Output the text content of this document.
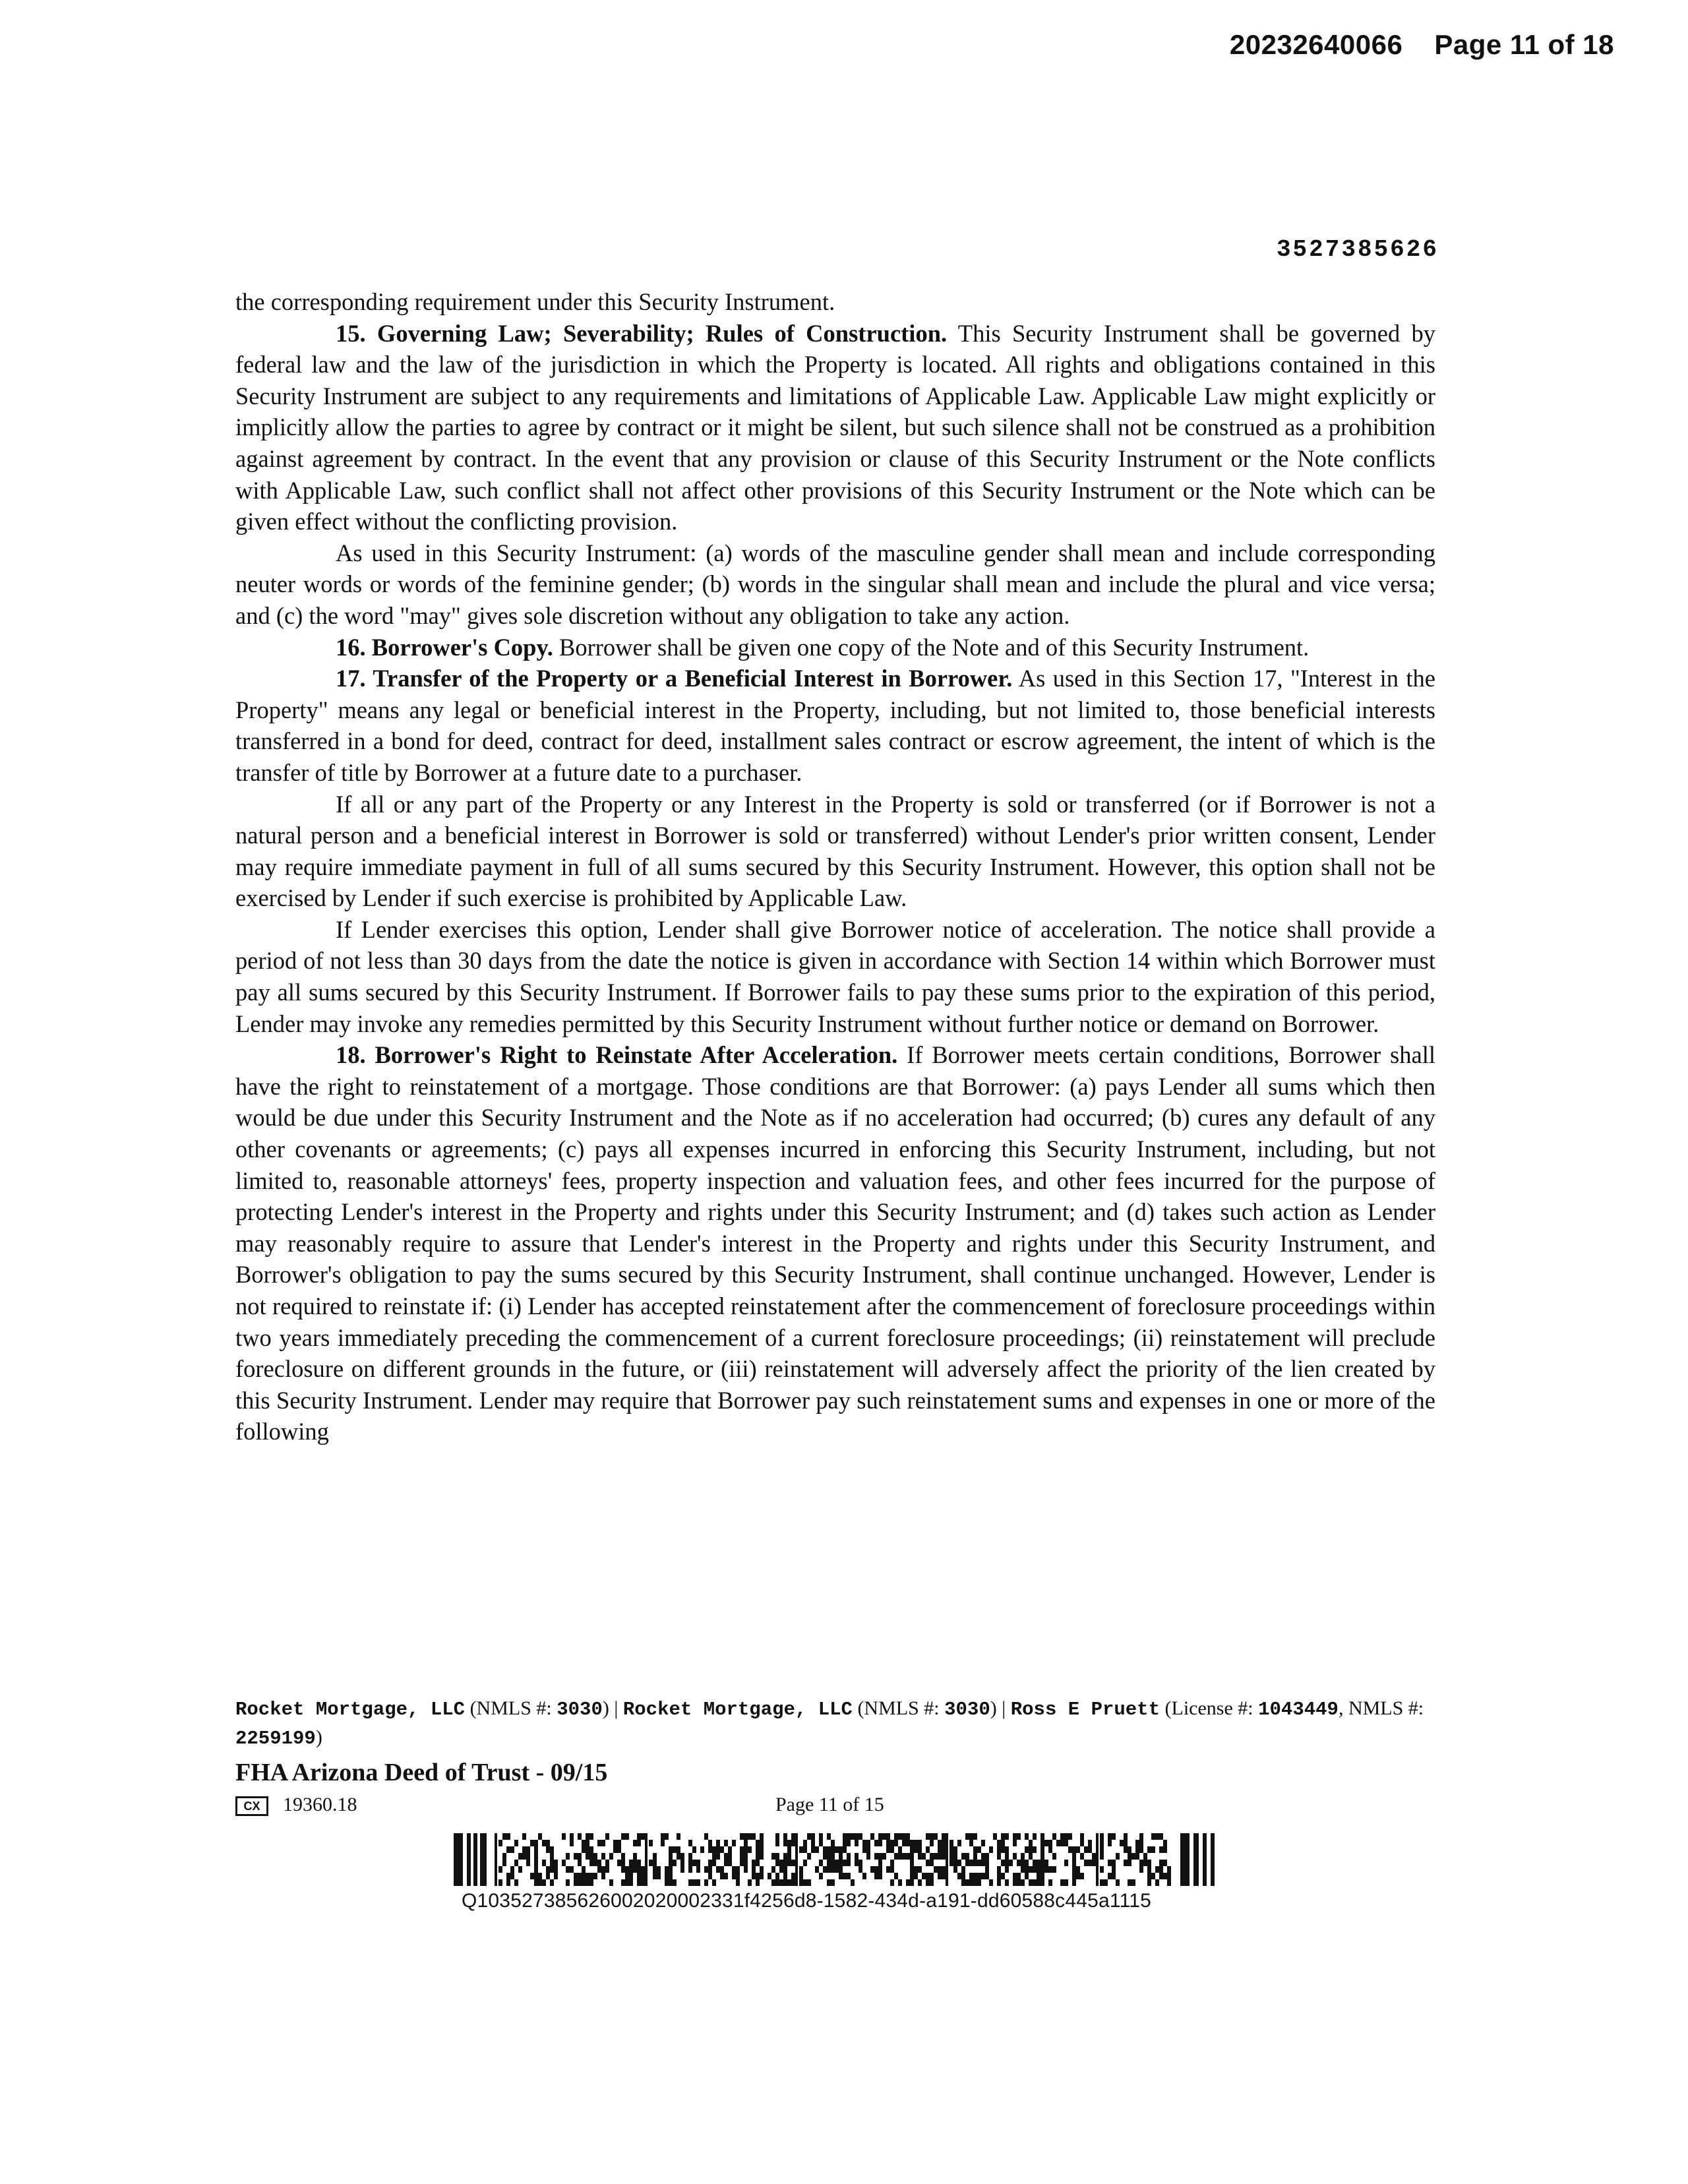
20232640066 Page 11 of 18
3527385626

the corresponding requirement under this Security Instrument.

15. Governing Law; Severability; Rules of Construction. This Security Instrument shall be governed by federal law and the law of the jurisdiction in which the Property is located. All rights and obligations contained in this Security Instrument are subject to any requirements and limitations of Applicable Law. Applicable Law might explicitly or implicitly allow the parties to agree by contract or it might be silent, but such silence shall not be construed as a prohibition against agreement by contract. In the event that any provision or clause of this Security Instrument or the Note conflicts with Applicable Law, such conflict shall not affect other provisions of this Security Instrument or the Note which can be given effect without the conflicting provision.

As used in this Security Instrument: (a) words of the masculine gender shall mean and include corresponding neuter words or words of the feminine gender; (b) words in the singular shall mean and include the plural and vice versa; and (c) the word "may" gives sole discretion without any obligation to take any action.

16. Borrower's Copy. Borrower shall be given one copy of the Note and of this Security Instrument.

17. Transfer of the Property or a Beneficial Interest in Borrower. As used in this Section 17, "Interest in the Property" means any legal or beneficial interest in the Property, including, but not limited to, those beneficial interests transferred in a bond for deed, contract for deed, installment sales contract or escrow agreement, the intent of which is the transfer of title by Borrower at a future date to a purchaser.

If all or any part of the Property or any Interest in the Property is sold or transferred (or if Borrower is not a natural person and a beneficial interest in Borrower is sold or transferred) without Lender's prior written consent, Lender may require immediate payment in full of all sums secured by this Security Instrument. However, this option shall not be exercised by Lender if such exercise is prohibited by Applicable Law.

If Lender exercises this option, Lender shall give Borrower notice of acceleration. The notice shall provide a period of not less than 30 days from the date the notice is given in accordance with Section 14 within which Borrower must pay all sums secured by this Security Instrument. If Borrower fails to pay these sums prior to the expiration of this period, Lender may invoke any remedies permitted by this Security Instrument without further notice or demand on Borrower.

18. Borrower's Right to Reinstate After Acceleration. If Borrower meets certain conditions, Borrower shall have the right to reinstatement of a mortgage. Those conditions are that Borrower: (a) pays Lender all sums which then would be due under this Security Instrument and the Note as if no acceleration had occurred; (b) cures any default of any other covenants or agreements; (c) pays all expenses incurred in enforcing this Security Instrument, including, but not limited to, reasonable attorneys' fees, property inspection and valuation fees, and other fees incurred for the purpose of protecting Lender's interest in the Property and rights under this Security Instrument; and (d) takes such action as Lender may reasonably require to assure that Lender's interest in the Property and rights under this Security Instrument, and Borrower's obligation to pay the sums secured by this Security Instrument, shall continue unchanged. However, Lender is not required to reinstate if: (i) Lender has accepted reinstatement after the commencement of foreclosure proceedings within two years immediately preceding the commencement of a current foreclosure proceedings; (ii) reinstatement will preclude foreclosure on different grounds in the future, or (iii) reinstatement will adversely affect the priority of the lien created by this Security Instrument. Lender may require that Borrower pay such reinstatement sums and expenses in one or more of the following

Rocket Mortgage, LLC (NMLS #: 3030) | Rocket Mortgage, LLC (NMLS #: 3030) | Ross E Pruett (License #: 1043449, NMLS #: 2259199)
FHA Arizona Deed of Trust - 09/15
CX 19360.18	Page 11 of 15
Q10352738562600202000233​1f4256d8-1582-434d-a191-dd60588c445a1115
